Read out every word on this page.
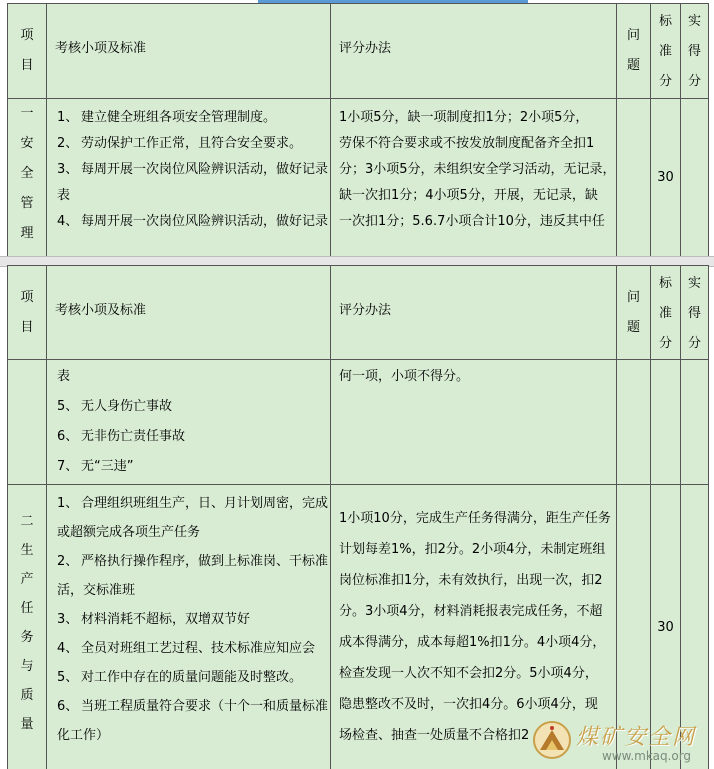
项
目
考核小项及标准	评分办法
问
题
标
准
分
实
得
分
一
安
全
管
理
1、 建立健全班组各项安全管理制度。
2、 劳动保护工作正常，且符合安全要求。
3、 每周开展一次岗位风险辨识活动，做好记录
表
4、 每周开展一次岗位风险辨识活动，做好记录
1小项5分，缺一项制度扣1分；2小项5分，
劳保不符合要求或不按发放制度配备齐全扣1
分；3小项5分，未组织安全学习活动，无记录，
缺一次扣1分；4小项5分，开展，无记录，缺
一次扣1分；5.6.7小项合计10分，违反其中任
30
项
目
考核小项及标准	评分办法
问
题
标
准
分
实
得
分
表
5、 无人身伤亡事故
6、 无非伤亡责任事故
7、 无“三违”
何一项，小项不得分。
二
生
产
任
务
与
质
量
1、 合理组织班组生产，日、月计划周密，完成
或超额完成各项生产任务
2、 严格执行操作程序，做到上标准岗、干标准
活，交标准班
3、 材料消耗不超标，双增双节好
4、 全员对班组工艺过程、技术标准应知应会
5、 对工作中存在的质量问题能及时整改。
6、 当班工程质量符合要求（十个一和质量标准
化工作）
1小项10分，完成生产任务得满分，距生产任务
计划每差1%，扣2分。2小项4分，未制定班组
岗位标准扣1分，未有效执行，出现一次，扣2
分。3小项4分，材料消耗报表完成任务，不超
成本得满分，成本每超1%扣1分。4小项4分，
检查发现一人次不知不会扣2分。5小项4分，
隐患整改不及时，一次扣4分。6小项4分，现
场检查、抽查一处质量不合格扣2
30
煤矿安全网
www.mkaq.org
